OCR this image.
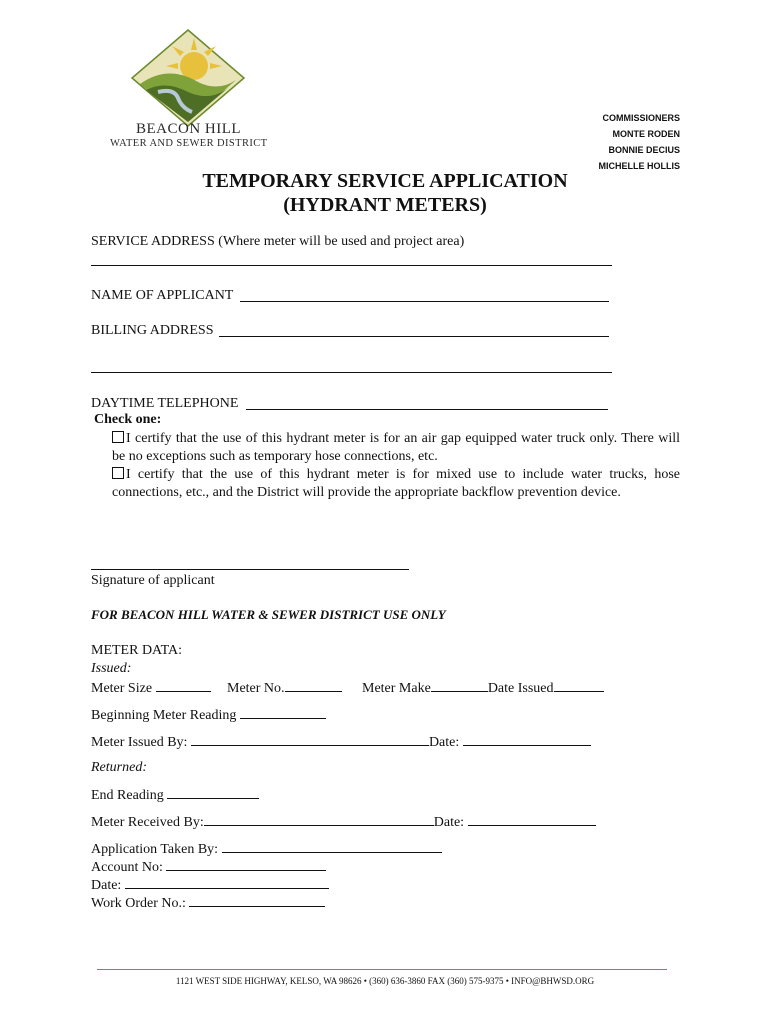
BEACON HILL
WATER AND SEWER DISTRICT
COMMISSIONERS
MONTE RODEN
BONNIE DECIUS
MICHELLE HOLLIS
TEMPORARY SERVICE APPLICATION
(HYDRANT METERS)
SERVICE ADDRESS (Where meter will be used and project area)
NAME OF APPLICANT
BILLING ADDRESS
DAYTIME TELEPHONE
Check one:
I certify that the use of this hydrant meter is for an air gap equipped water truck only. There will be no exceptions such as temporary hose connections, etc.
I certify that the use of this hydrant meter is for mixed use to include water trucks, hose connections, etc., and the District will provide the appropriate backflow prevention device.
Signature of applicant
FOR BEACON HILL WATER & SEWER DISTRICT USE ONLY
METER DATA:
Issued:
Meter Size	Meter No.	Meter Make	Date Issued
Beginning Meter Reading
Meter Issued By:	Date:
Returned:
End Reading
Meter Received By:	Date:
Application Taken By:
Account No:
Date:
Work Order No.:
1121 WEST SIDE HIGHWAY, KELSO, WA 98626 • (360) 636-3860 FAX (360) 575-9375 • INFO@BHWSD.ORG
